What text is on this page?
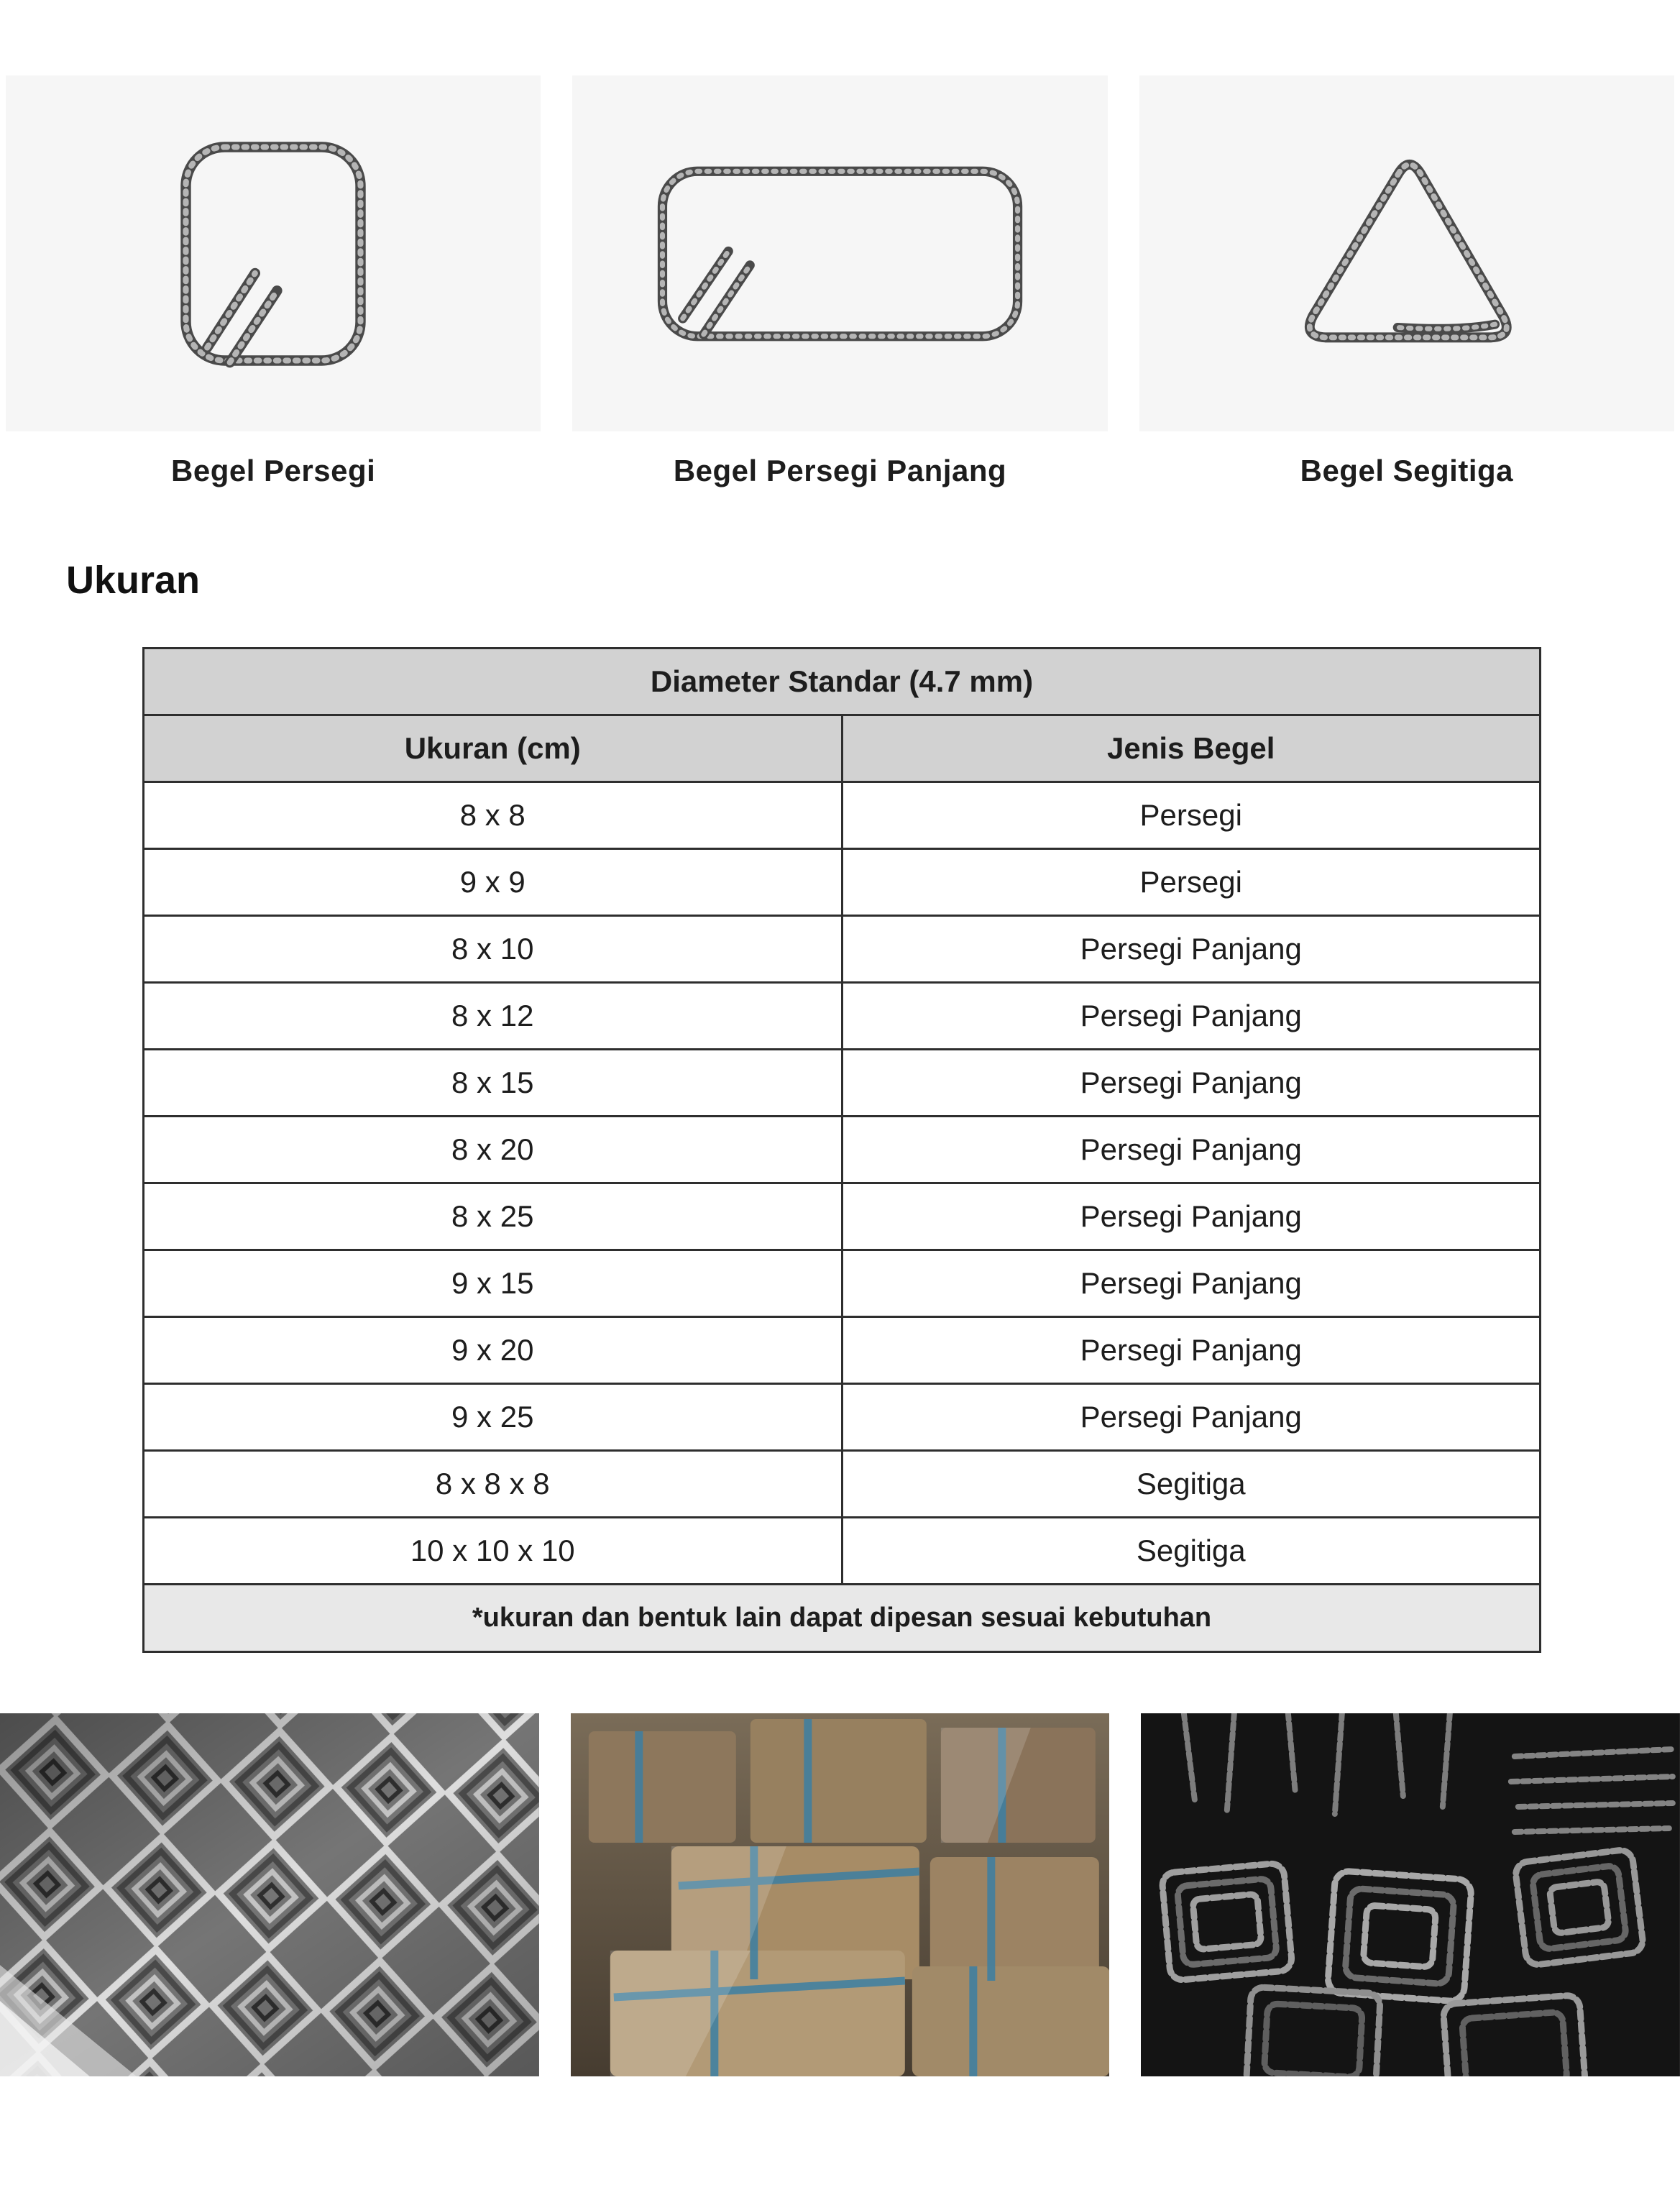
Begel Persegi	Begel Persegi Panjang	Begel Segitiga
Ukuran
Diameter Standar (4.7 mm)	
Ukuran (cm)	Jenis Begel
8 x 8	Persegi
9 x 9	Persegi
8 x 10	Persegi Panjang
8 x 12	Persegi Panjang
8 x 15	Persegi Panjang
8 x 20	Persegi Panjang
8 x 25	Persegi Panjang
9 x 15	Persegi Panjang
9 x 20	Persegi Panjang
9 x 25	Persegi Panjang
8 x 8 x 8	Segitiga
10 x 10 x 10	Segitiga
*ukuran dan bentuk lain dapat dipesan sesuai kebutuhan	
